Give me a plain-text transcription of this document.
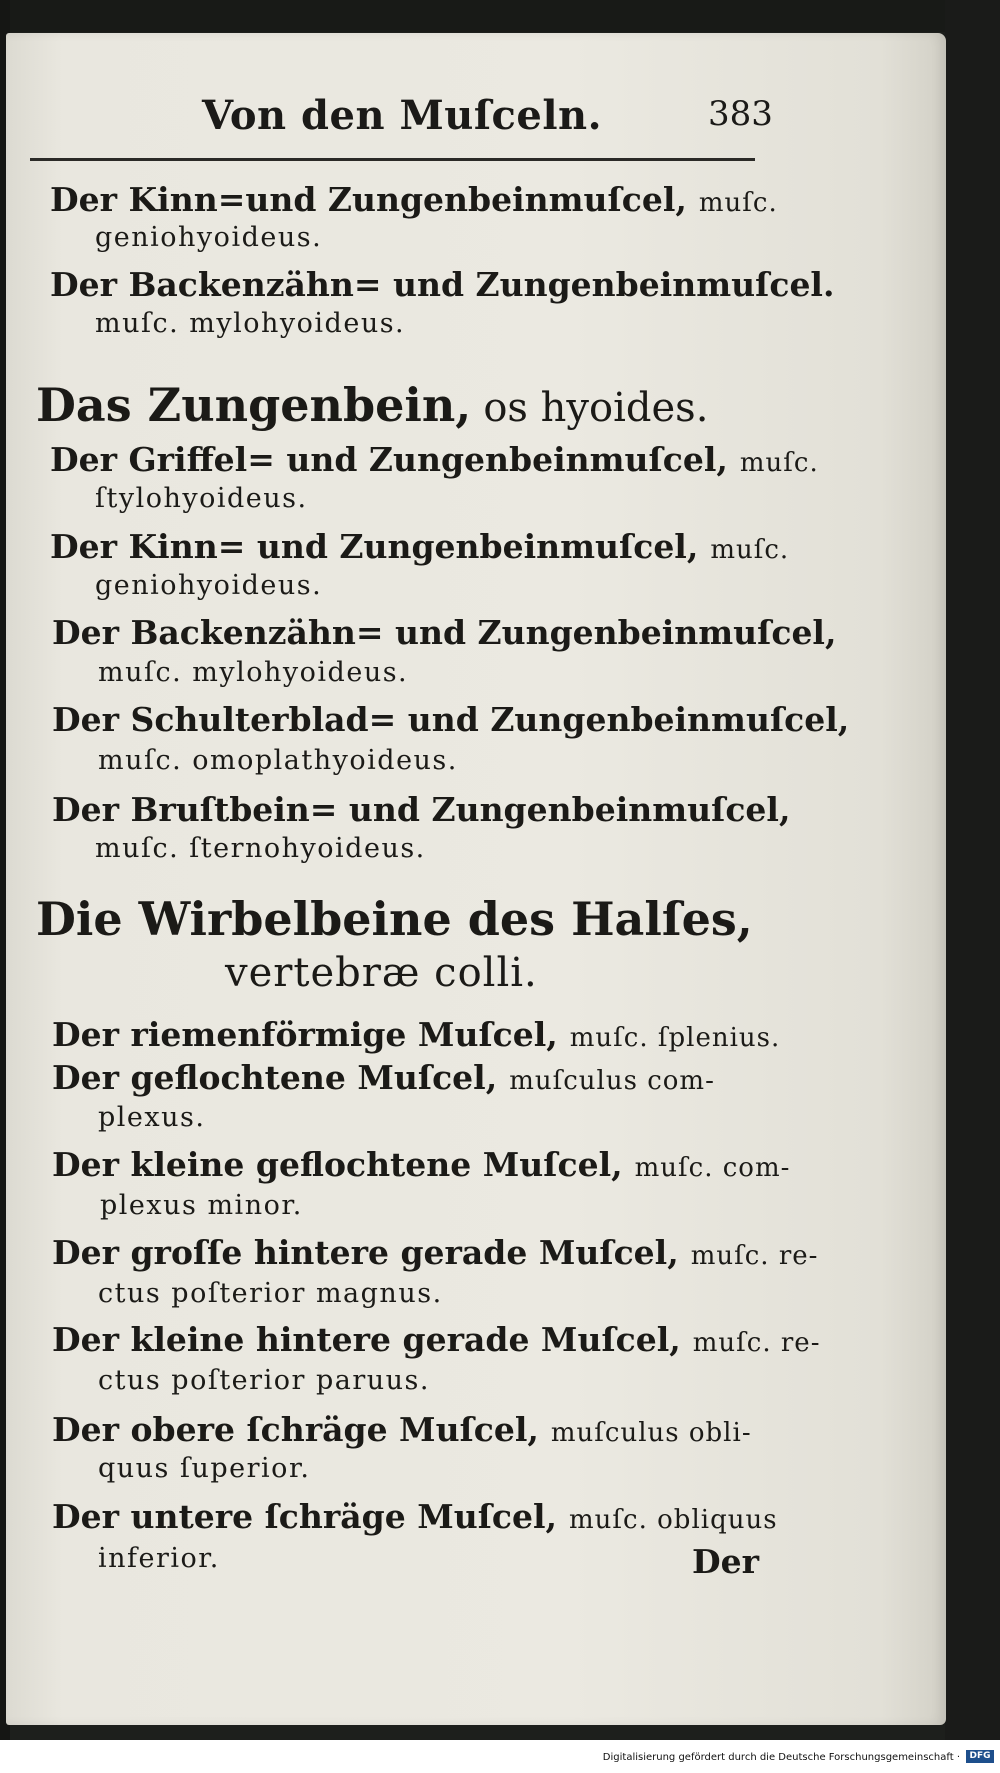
Von den Muſceln.	383
Der Kinn=und Zungenbeinmuſcel, muſc.
geniohyoideus.
Der Backenzähn= und Zungenbeinmuſcel.
muſc. mylohyoideus.
Das Zungenbein, os hyoides.
Der Griffel= und Zungenbeinmuſcel, muſc.
ſtylohyoideus.
Der Kinn= und Zungenbeinmuſcel, muſc.
geniohyoideus.
Der Backenzähn= und Zungenbeinmuſcel,
muſc. mylohyoideus.
Der Schulterblad= und Zungenbeinmuſcel,
muſc. omoplathyoideus.
Der Bruſtbein= und Zungenbeinmuſcel,
muſc. ſternohyoideus.
Die Wirbelbeine des Halſes,
vertebræ colli.
Der riemenförmige Muſcel, muſc. ſplenius.
Der geflochtene Muſcel, muſculus com-
plexus.
Der kleine geflochtene Muſcel, muſc. com-
plexus minor.
Der groſſe hintere gerade Muſcel, muſc. re-
ctus poſterior magnus.
Der kleine hintere gerade Muſcel, muſc. re-
ctus poſterior paruus.
Der obere ſchräge Muſcel, muſculus obli-
quus ſuperior.
Der untere ſchräge Muſcel, muſc. obliquus
inferior.	Der
Digitalisierung gefördert durch die Deutsche Forschungsgemeinschaft ·	DFG
